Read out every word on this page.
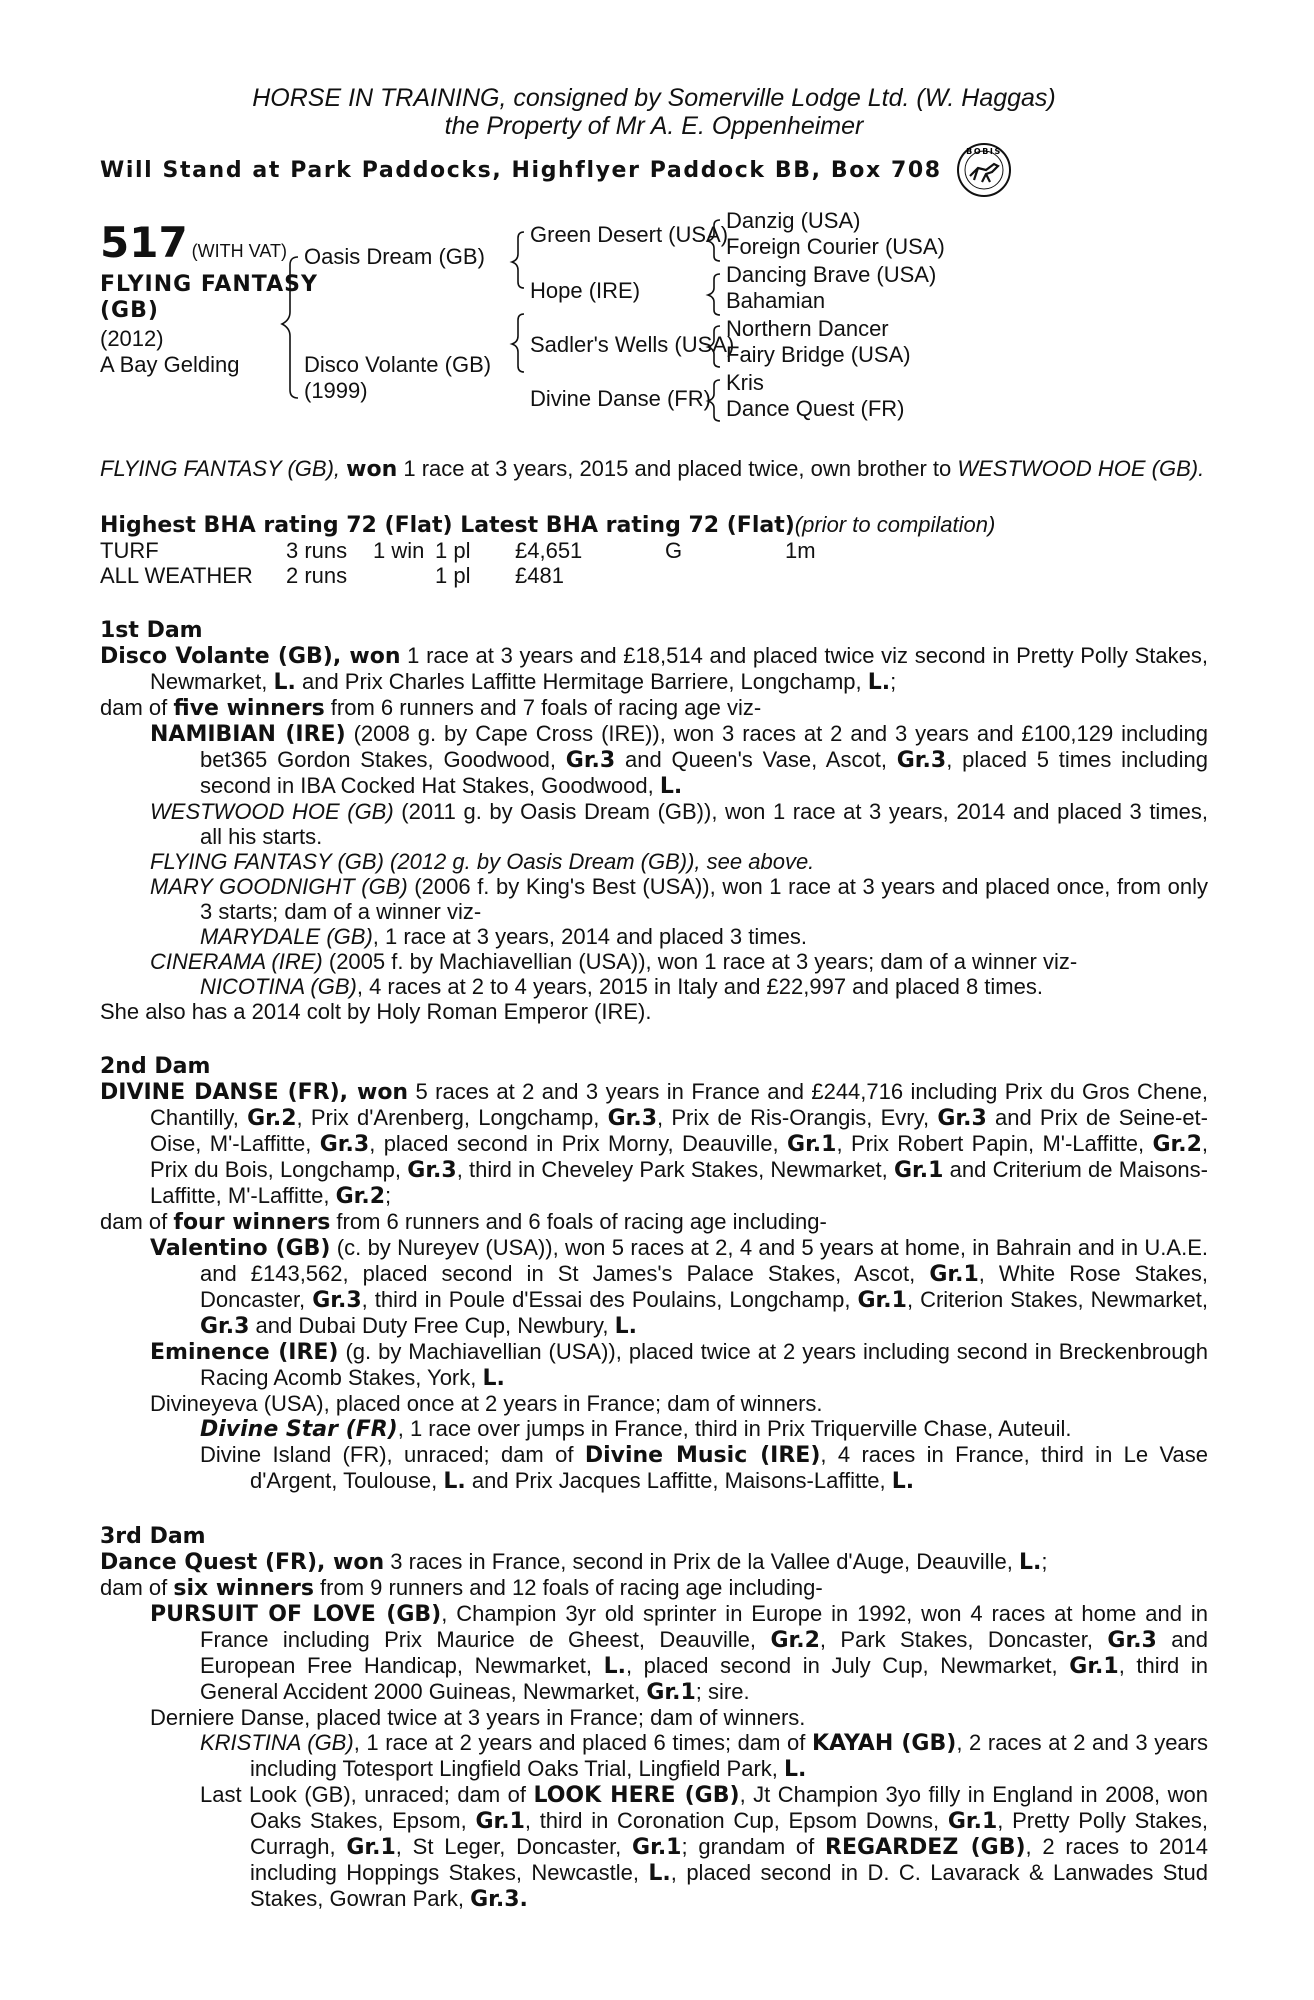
HORSE IN TRAINING, consigned by Somerville Lodge Ltd. (W. Haggas)
the Property of Mr A. E. Oppenheimer
Will Stand at Park Paddocks, Highflyer Paddock BB, Box 708
BOBIS
517 (WITH VAT)
FLYING FANTASY
(GB)
(2012)
A Bay Gelding
Oasis Dream (GB)
Disco Volante (GB)
(1999)
Green Desert (USA)
Hope (IRE)
Sadler's Wells (USA)
Divine Danse (FR)
Danzig (USA)
Foreign Courier (USA)
Dancing Brave (USA)
Bahamian
Northern Dancer
Fairy Bridge (USA)
Kris
Dance Quest (FR)
FLYING FANTASY (GB), won 1 race at 3 years, 2015 and placed twice, own brother to WESTWOOD HOE (GB).
Highest BHA rating 72 (Flat) Latest BHA rating 72 (Flat)(prior to compilation)
TURF	3 runs 1 win 1 pl £4,651	G	1m
ALL WEATHER 2 runs	1 pl £481
1st Dam
Disco Volante (GB), won 1 race at 3 years and £18,514 and placed twice viz second in Pretty Polly Stakes, Newmarket, L. and Prix Charles Laffitte Hermitage Barriere, Longchamp, L.;
dam of five winners from 6 runners and 7 foals of racing age viz-
NAMIBIAN (IRE) (2008 g. by Cape Cross (IRE)), won 3 races at 2 and 3 years and £100,129 including bet365 Gordon Stakes, Goodwood, Gr.3 and Queen's Vase, Ascot, Gr.3, placed 5 times including second in IBA Cocked Hat Stakes, Goodwood, L.
WESTWOOD HOE (GB) (2011 g. by Oasis Dream (GB)), won 1 race at 3 years, 2014 and placed 3 times, all his starts.
FLYING FANTASY (GB) (2012 g. by Oasis Dream (GB)), see above.
MARY GOODNIGHT (GB) (2006 f. by King's Best (USA)), won 1 race at 3 years and placed once, from only 3 starts; dam of a winner viz-
MARYDALE (GB), 1 race at 3 years, 2014 and placed 3 times.
CINERAMA (IRE) (2005 f. by Machiavellian (USA)), won 1 race at 3 years; dam of a winner viz-
NICOTINA (GB), 4 races at 2 to 4 years, 2015 in Italy and £22,997 and placed 8 times.
She also has a 2014 colt by Holy Roman Emperor (IRE).
2nd Dam
DIVINE DANSE (FR), won 5 races at 2 and 3 years in France and £244,716 including Prix du Gros Chene, Chantilly, Gr.2, Prix d'Arenberg, Longchamp, Gr.3, Prix de Ris-Orangis, Evry, Gr.3 and Prix de Seine-et-Oise, M'-Laffitte, Gr.3, placed second in Prix Morny, Deauville, Gr.1, Prix Robert Papin, M'-Laffitte, Gr.2, Prix du Bois, Longchamp, Gr.3, third in Cheveley Park Stakes, Newmarket, Gr.1 and Criterium de Maisons-Laffitte, M'-Laffitte, Gr.2;
dam of four winners from 6 runners and 6 foals of racing age including-
Valentino (GB) (c. by Nureyev (USA)), won 5 races at 2, 4 and 5 years at home, in Bahrain and in U.A.E. and £143,562, placed second in St James's Palace Stakes, Ascot, Gr.1, White Rose Stakes, Doncaster, Gr.3, third in Poule d'Essai des Poulains, Longchamp, Gr.1, Criterion Stakes, Newmarket, Gr.3 and Dubai Duty Free Cup, Newbury, L.
Eminence (IRE) (g. by Machiavellian (USA)), placed twice at 2 years including second in Breckenbrough Racing Acomb Stakes, York, L.
Divineyeva (USA), placed once at 2 years in France; dam of winners.
Divine Star (FR), 1 race over jumps in France, third in Prix Triquerville Chase, Auteuil.
Divine Island (FR), unraced; dam of Divine Music (IRE), 4 races in France, third in Le Vase d'Argent, Toulouse, L. and Prix Jacques Laffitte, Maisons-Laffitte, L.
3rd Dam
Dance Quest (FR), won 3 races in France, second in Prix de la Vallee d'Auge, Deauville, L.;
dam of six winners from 9 runners and 12 foals of racing age including-
PURSUIT OF LOVE (GB), Champion 3yr old sprinter in Europe in 1992, won 4 races at home and in France including Prix Maurice de Gheest, Deauville, Gr.2, Park Stakes, Doncaster, Gr.3 and European Free Handicap, Newmarket, L., placed second in July Cup, Newmarket, Gr.1, third in General Accident 2000 Guineas, Newmarket, Gr.1; sire.
Derniere Danse, placed twice at 3 years in France; dam of winners.
KRISTINA (GB), 1 race at 2 years and placed 6 times; dam of KAYAH (GB), 2 races at 2 and 3 years including Totesport Lingfield Oaks Trial, Lingfield Park, L.
Last Look (GB), unraced; dam of LOOK HERE (GB), Jt Champion 3yo filly in England in 2008, won Oaks Stakes, Epsom, Gr.1, third in Coronation Cup, Epsom Downs, Gr.1, Pretty Polly Stakes, Curragh, Gr.1, St Leger, Doncaster, Gr.1; grandam of REGARDEZ (GB), 2 races to 2014 including Hoppings Stakes, Newcastle, L., placed second in D. C. Lavarack & Lanwades Stud Stakes, Gowran Park, Gr.3.
